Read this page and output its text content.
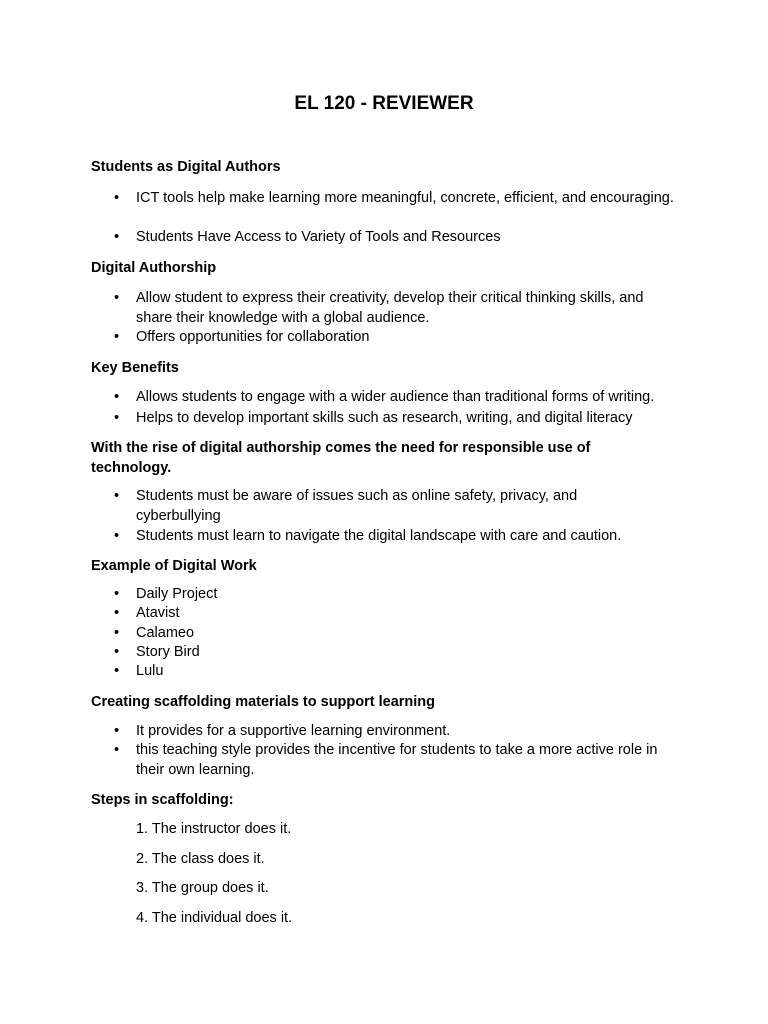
EL 120 - REVIEWER
Students as Digital Authors
• ICT tools help make learning more meaningful, concrete, efficient, and encouraging.
• Students Have Access to Variety of Tools and Resources
Digital Authorship
• Allow student to express their creativity, develop their critical thinking skills, and share their knowledge with a global audience.
• Offers opportunities for collaboration
Key Benefits
• Allows students to engage with a wider audience than traditional forms of writing.
• Helps to develop important skills such as research, writing, and digital literacy
With the rise of digital authorship comes the need for responsible use of technology.
• Students must be aware of issues such as online safety, privacy, and cyberbullying
• Students must learn to navigate the digital landscape with care and caution.
Example of Digital Work
• Daily Project
• Atavist
• Calameo
• Story Bird
• Lulu
Creating scaffolding materials to support learning
• It provides for a supportive learning environment.
• this teaching style provides the incentive for students to take a more active role in their own learning.
Steps in scaffolding:
1. The instructor does it.
2. The class does it.
3. The group does it.
4. The individual does it.
